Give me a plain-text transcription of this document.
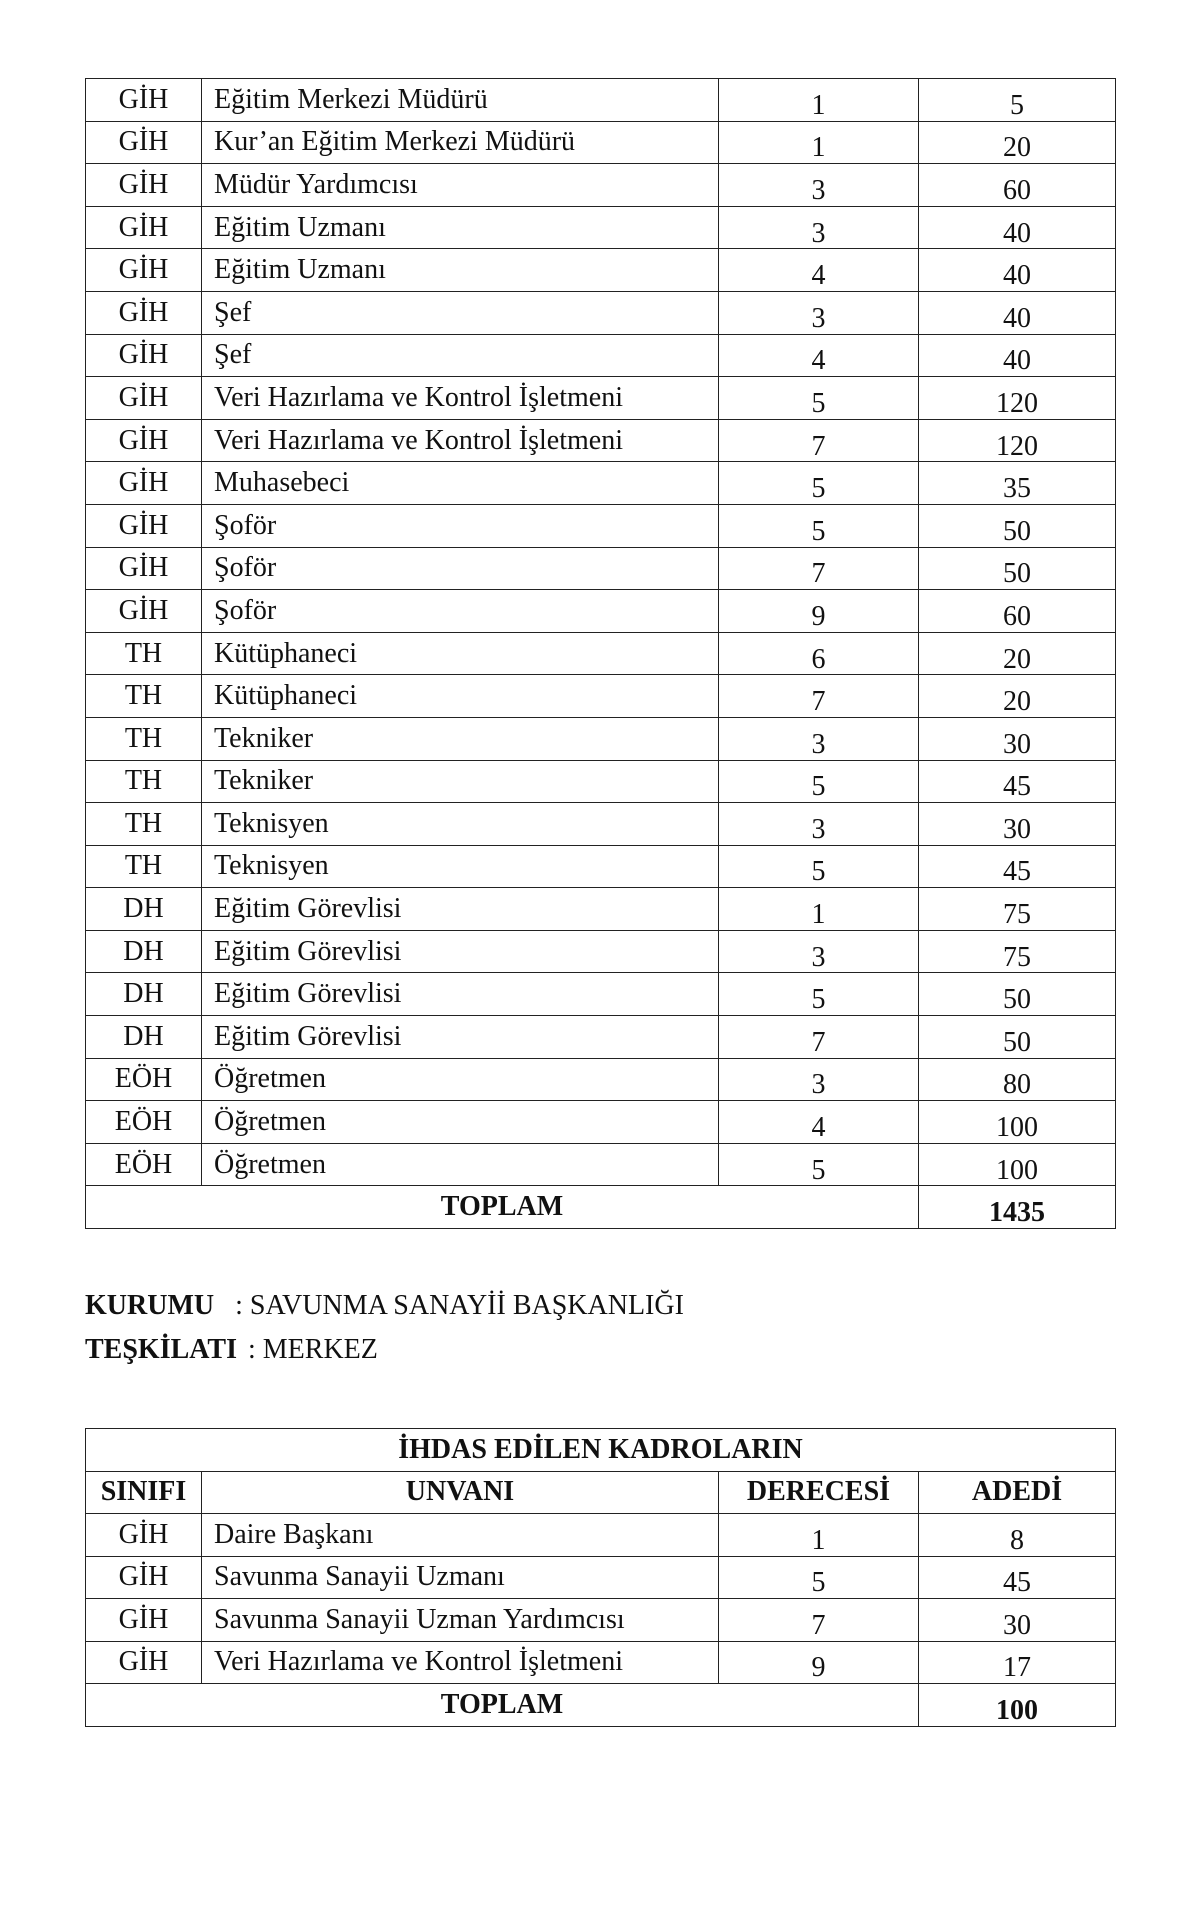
GİH	Eğitim Merkezi Müdürü	1	5
GİH	Kur’an Eğitim Merkezi Müdürü	1	20
GİH	Müdür Yardımcısı	3	60
GİH	Eğitim Uzmanı	3	40
GİH	Eğitim Uzmanı	4	40
GİH	Şef	3	40
GİH	Şef	4	40
GİH	Veri Hazırlama ve Kontrol İşletmeni	5	120
GİH	Veri Hazırlama ve Kontrol İşletmeni	7	120
GİH	Muhasebeci	5	35
GİH	Şoför	5	50
GİH	Şoför	7	50
GİH	Şoför	9	60
TH	Kütüphaneci	6	20
TH	Kütüphaneci	7	20
TH	Tekniker	3	30
TH	Tekniker	5	45
TH	Teknisyen	3	30
TH	Teknisyen	5	45
DH	Eğitim Görevlisi	1	75
DH	Eğitim Görevlisi	3	75
DH	Eğitim Görevlisi	5	50
DH	Eğitim Görevlisi	7	50
EÖH	Öğretmen	3	80
EÖH	Öğretmen	4	100
EÖH	Öğretmen	5	100
TOPLAM			1435
KURUMU : SAVUNMA SANAYİİ BAŞKANLIĞI
TEŞKİLATI : MERKEZ
İHDAS EDİLEN KADROLARIN			
SINIFI	UNVANI	DERECESİ	ADEDİ
GİH	Daire Başkanı	1	8
GİH	Savunma Sanayii Uzmanı	5	45
GİH	Savunma Sanayii Uzman Yardımcısı	7	30
GİH	Veri Hazırlama ve Kontrol İşletmeni	9	17
TOPLAM			100
